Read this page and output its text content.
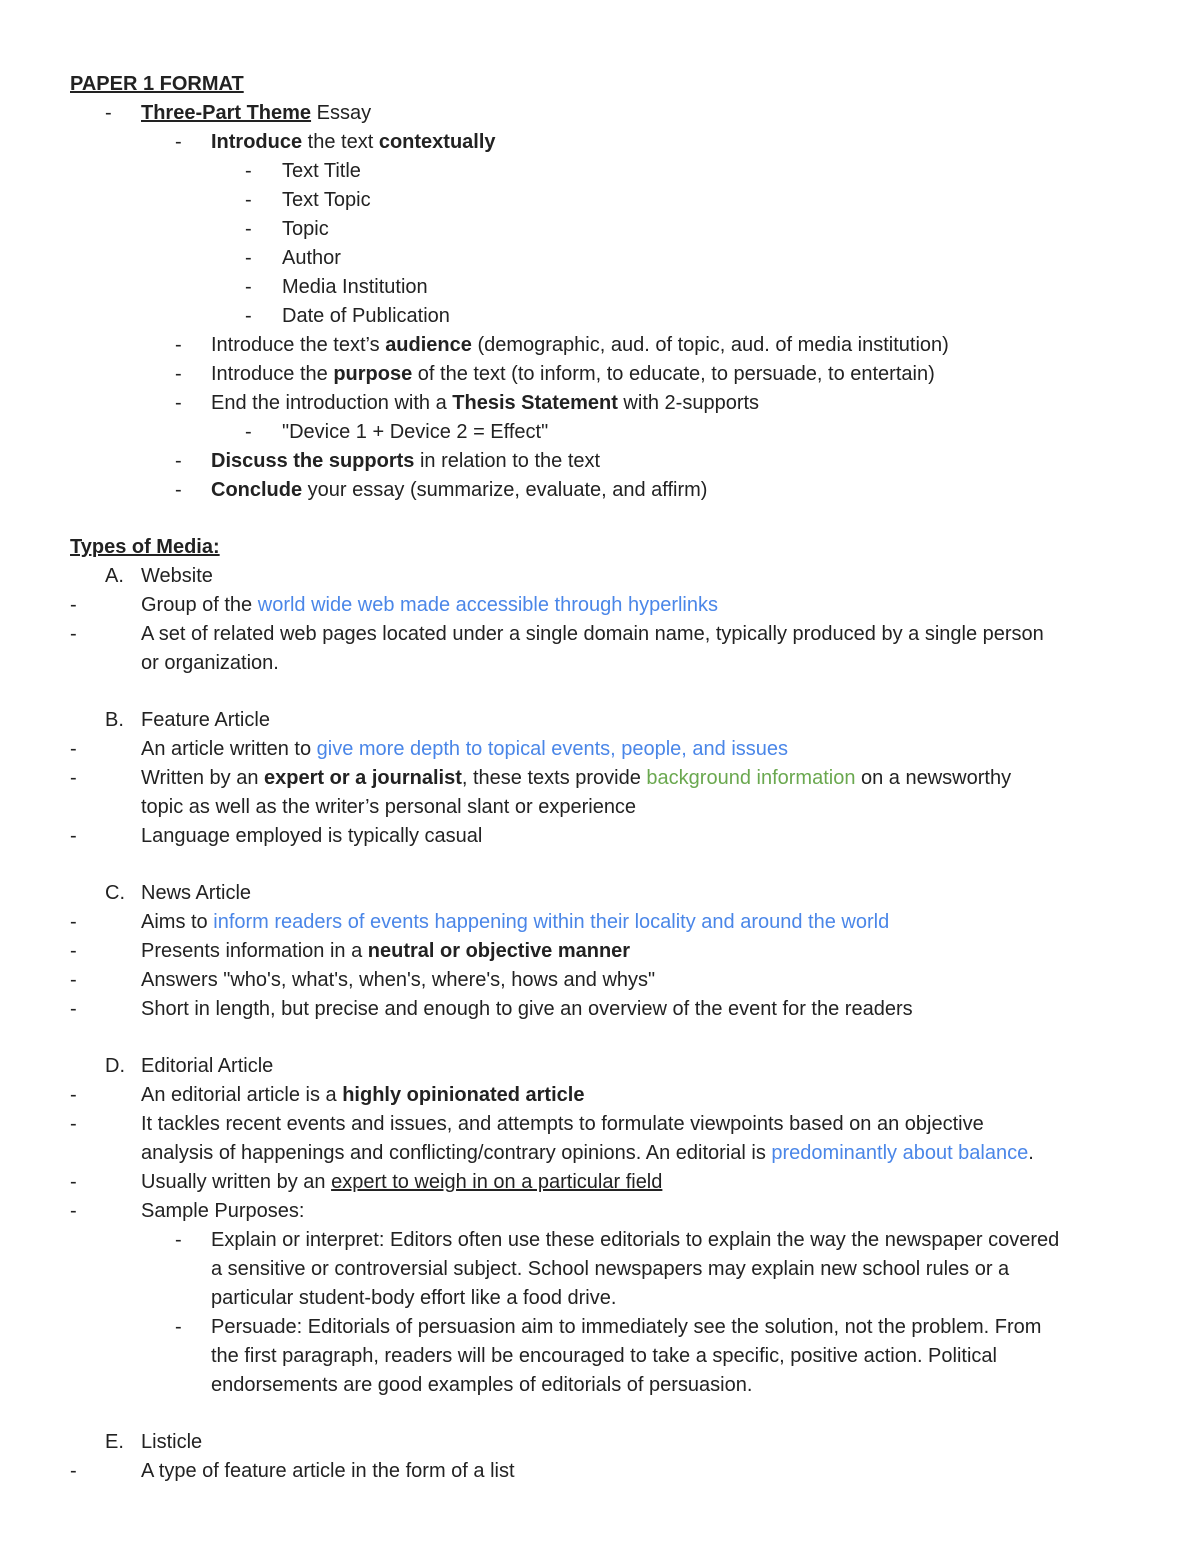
PAPER 1 FORMAT
- Three-Part Theme Essay
- Introduce the text contextually
- Text Title
- Text Topic
- Topic
- Author
- Media Institution
- Date of Publication
- Introduce the text’s audience (demographic, aud. of topic, aud. of media institution)
- Introduce the purpose of the text (to inform, to educate, to persuade, to entertain)
- End the introduction with a Thesis Statement with 2-supports
- "Device 1 + Device 2 = Effect"
- Discuss the supports in relation to the text
- Conclude your essay (summarize, evaluate, and affirm)
Types of Media:
A. Website
-	Group of the world wide web made accessible through hyperlinks
-	A set of related web pages located under a single domain name, typically produced by a single person
or organization.
B. Feature Article
-	An article written to give more depth to topical events, people, and issues
-	Written by an expert or a journalist, these texts provide background information on a newsworthy
topic as well as the writer’s personal slant or experience
-	Language employed is typically casual
C. News Article
-	Aims to inform readers of events happening within their locality and around the world
-	Presents information in a neutral or objective manner
-	Answers "who's, what's, when's, where's, hows and whys"
-	Short in length, but precise and enough to give an overview of the event for the readers
D. Editorial Article
-	An editorial article is a highly opinionated article
-	It tackles recent events and issues, and attempts to formulate viewpoints based on an objective
analysis of happenings and conflicting/contrary opinions. An editorial is predominantly about balance.
-	Usually written by an expert to weigh in on a particular field
-	Sample Purposes:
- Explain or interpret: Editors often use these editorials to explain the way the newspaper covered
a sensitive or controversial subject. School newspapers may explain new school rules or a
particular student-body effort like a food drive.
- Persuade: Editorials of persuasion aim to immediately see the solution, not the problem. From
the first paragraph, readers will be encouraged to take a specific, positive action. Political
endorsements are good examples of editorials of persuasion.
E. Listicle
-	A type of feature article in the form of a list
